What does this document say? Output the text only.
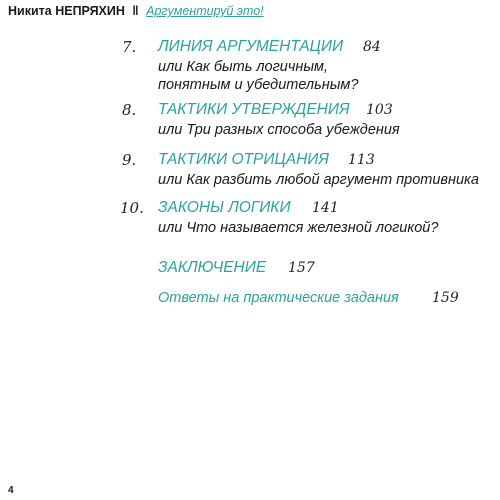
Никита НЕПРЯХИН ‖ Аргументируй это!
7.	ЛИНИЯ АРГУМЕНТАЦИИ 84
или Как быть логичным,
понятным и убедительным?
8.	ТАКТИКИ УТВЕРЖДЕНИЯ 103
или Три разных способа убеждения
9.	ТАКТИКИ ОТРИЦАНИЯ 113
или Как разбить любой аргумент противника
10. ЗАКОНЫ ЛОГИКИ 141
или Что называется железной логикой?
ЗАКЛЮЧЕНИЕ 157
Ответы на практические задания 159
4
